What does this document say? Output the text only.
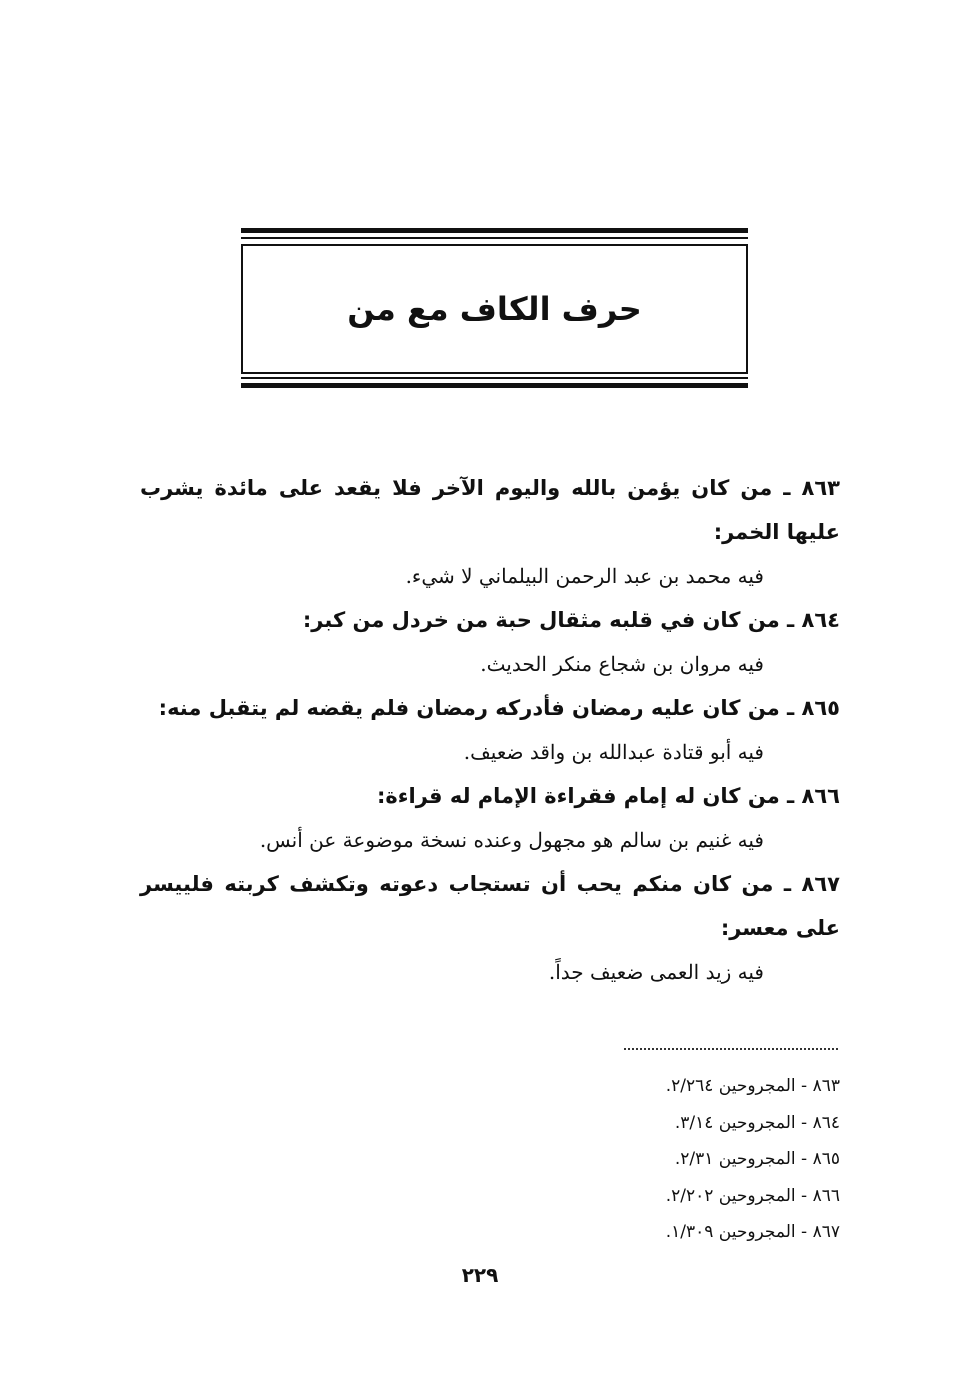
حرف الكاف مع من
٨٦٣ ـ من كان يؤمن بالله واليوم الآخر فلا يقعد على مائدة يشرب عليها الخمر:
فيه محمد بن عبد الرحمن البيلماني لا شيء.
٨٦٤ ـ من كان في قلبه مثقال حبة من خردل من كبر:
فيه مروان بن شجاع منكر الحديث.
٨٦٥ ـ من كان عليه رمضان فأدركه رمضان فلم يقضه لم يتقبل منه:
فيه أبو قتادة عبدالله بن واقد ضعيف.
٨٦٦ ـ من كان له إمام فقراءة الإمام له قراءة:
فيه غنيم بن سالم هو مجهول وعنده نسخة موضوعة عن أنس.
٨٦٧ ـ من كان منكم يحب أن تستجاب دعوته وتكشف كربته فلييسر على معسر:
فيه زيد العمى ضعيف جداً.

٨٦٣ - المجروحين ٢/٢٦٤.

٨٦٤ - المجروحين ٣/١٤.

٨٦٥ - المجروحين ٢/٣١.

٨٦٦ - المجروحين ٢/٢٠٢.

٨٦٧ - المجروحين ١/٣٠٩.

٢٢٩
